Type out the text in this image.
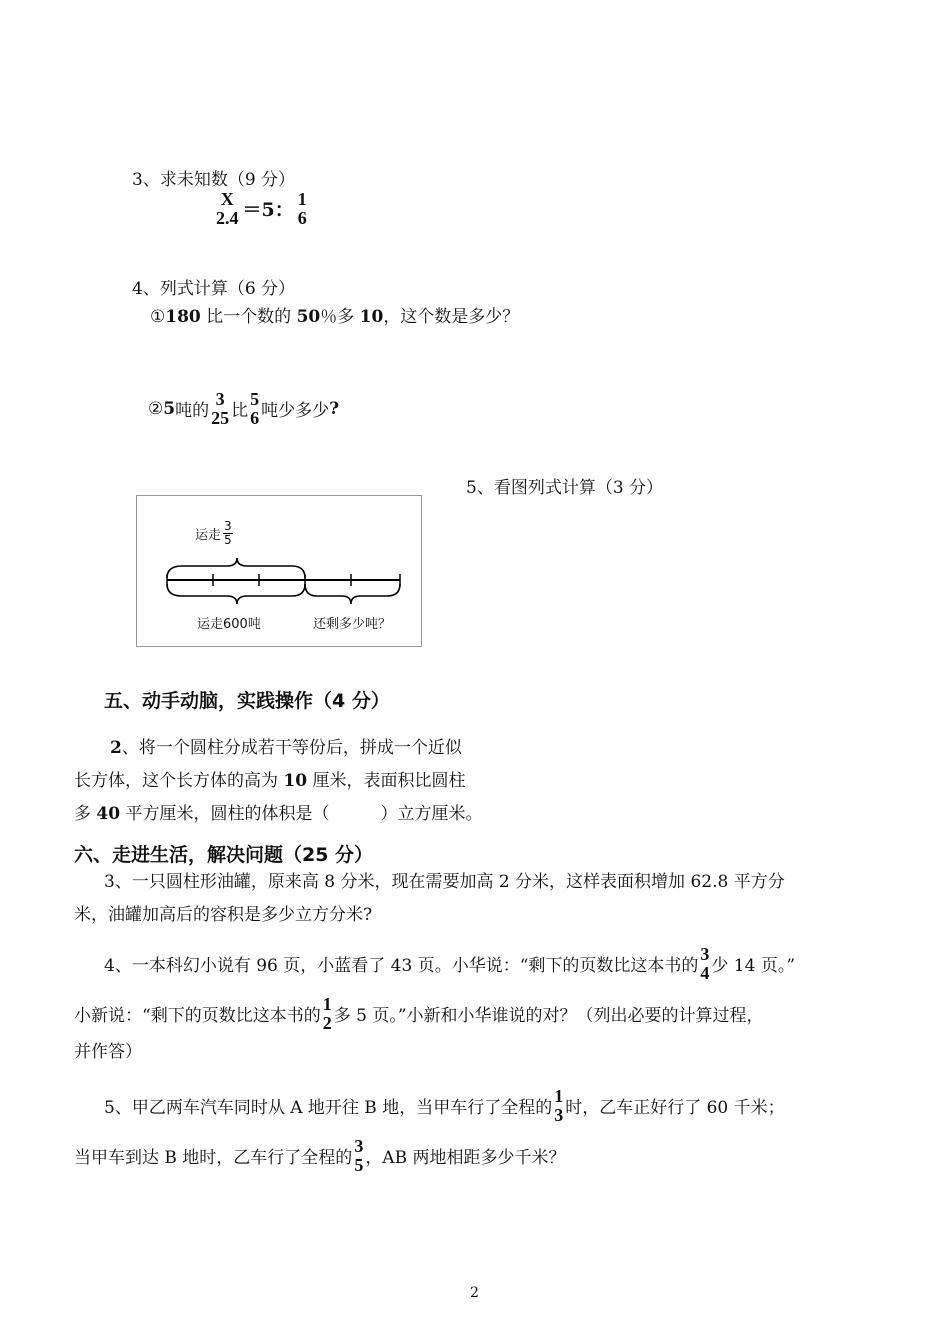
3、求未知数（9 分）
X
2.4 ＝5：
1
6
4、列式计算（6 分）
①180 比一个数的 50％多 10，这个数是多少？
② 5 吨的
3
25 比
5
6 吨少多少 ?
5、看图列式计算（3 分）
运走 $\frac{3}{5}$
运走600吨	还剩多少吨？
五、动手动脑，实践操作（4 分）
2、将一个圆柱分成若干等份后，拼成一个近似
长方体，这个长方体的高为 10 厘米，表面积比圆柱
多 40 平方厘米，圆柱的体积是（　　　）立方厘米。
六、走进生活，解决问题（25 分）
3、一只圆柱形油罐，原来高 8 分米，现在需要加高 2 分米，这样表面积增加 62.8 平方分
米，油罐加高后的容积是多少立方分米?
4、一本科幻小说有 96 页，小蓝看了 43 页。小华说：“剩下的页数比这本书的
3
4 少 14 页。”
小新说：“剩下的页数比这本书的
1
2 多 5 页。”小新和小华谁说的对？（列出必要的计算过程，
并作答）
5、甲乙两车汽车同时从 A 地开往 B 地，当甲车行了全程的
1
3 时，乙车正好行了 60 千米；
当甲车到达 B 地时，乙车行了全程的
3
5 ，AB 两地相距多少千米？
2
